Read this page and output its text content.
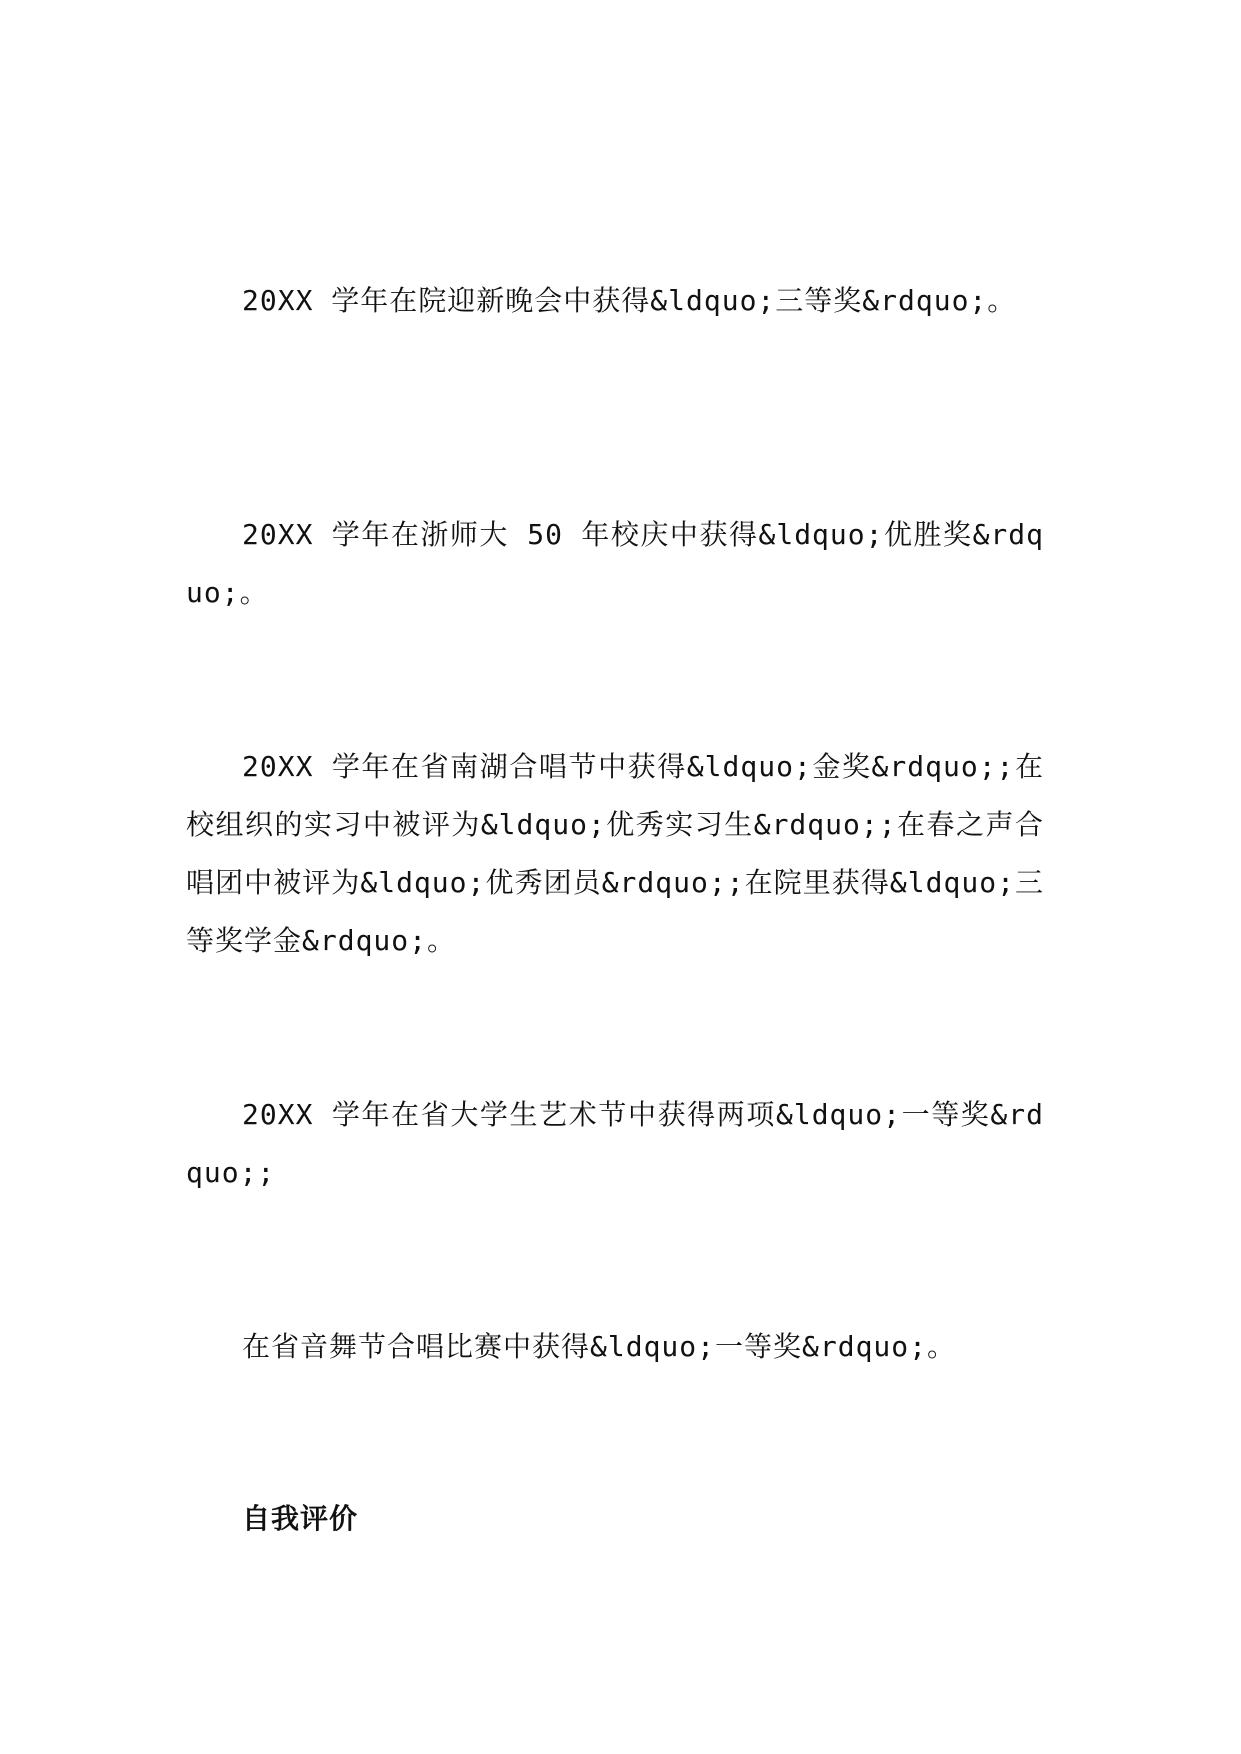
20XX 学年在院迎新晚会中获得&ldquo;三等奖&rdquo;。

20XX 学年在浙师大 50 年校庆中获得&ldquo;优胜奖&rdquo;。

20XX 学年在省南湖合唱节中获得&ldquo;金奖&rdquo;;在校组织的实习中被评为&ldquo;优秀实习生&rdquo;;在春之声合唱团中被评为&ldquo;优秀团员&rdquo;;在院里获得&ldquo;三等奖学金&rdquo;。

20XX 学年在省大学生艺术节中获得两项&ldquo;一等奖&rdquo;;

在省音舞节合唱比赛中获得&ldquo;一等奖&rdquo;。

自我评价
